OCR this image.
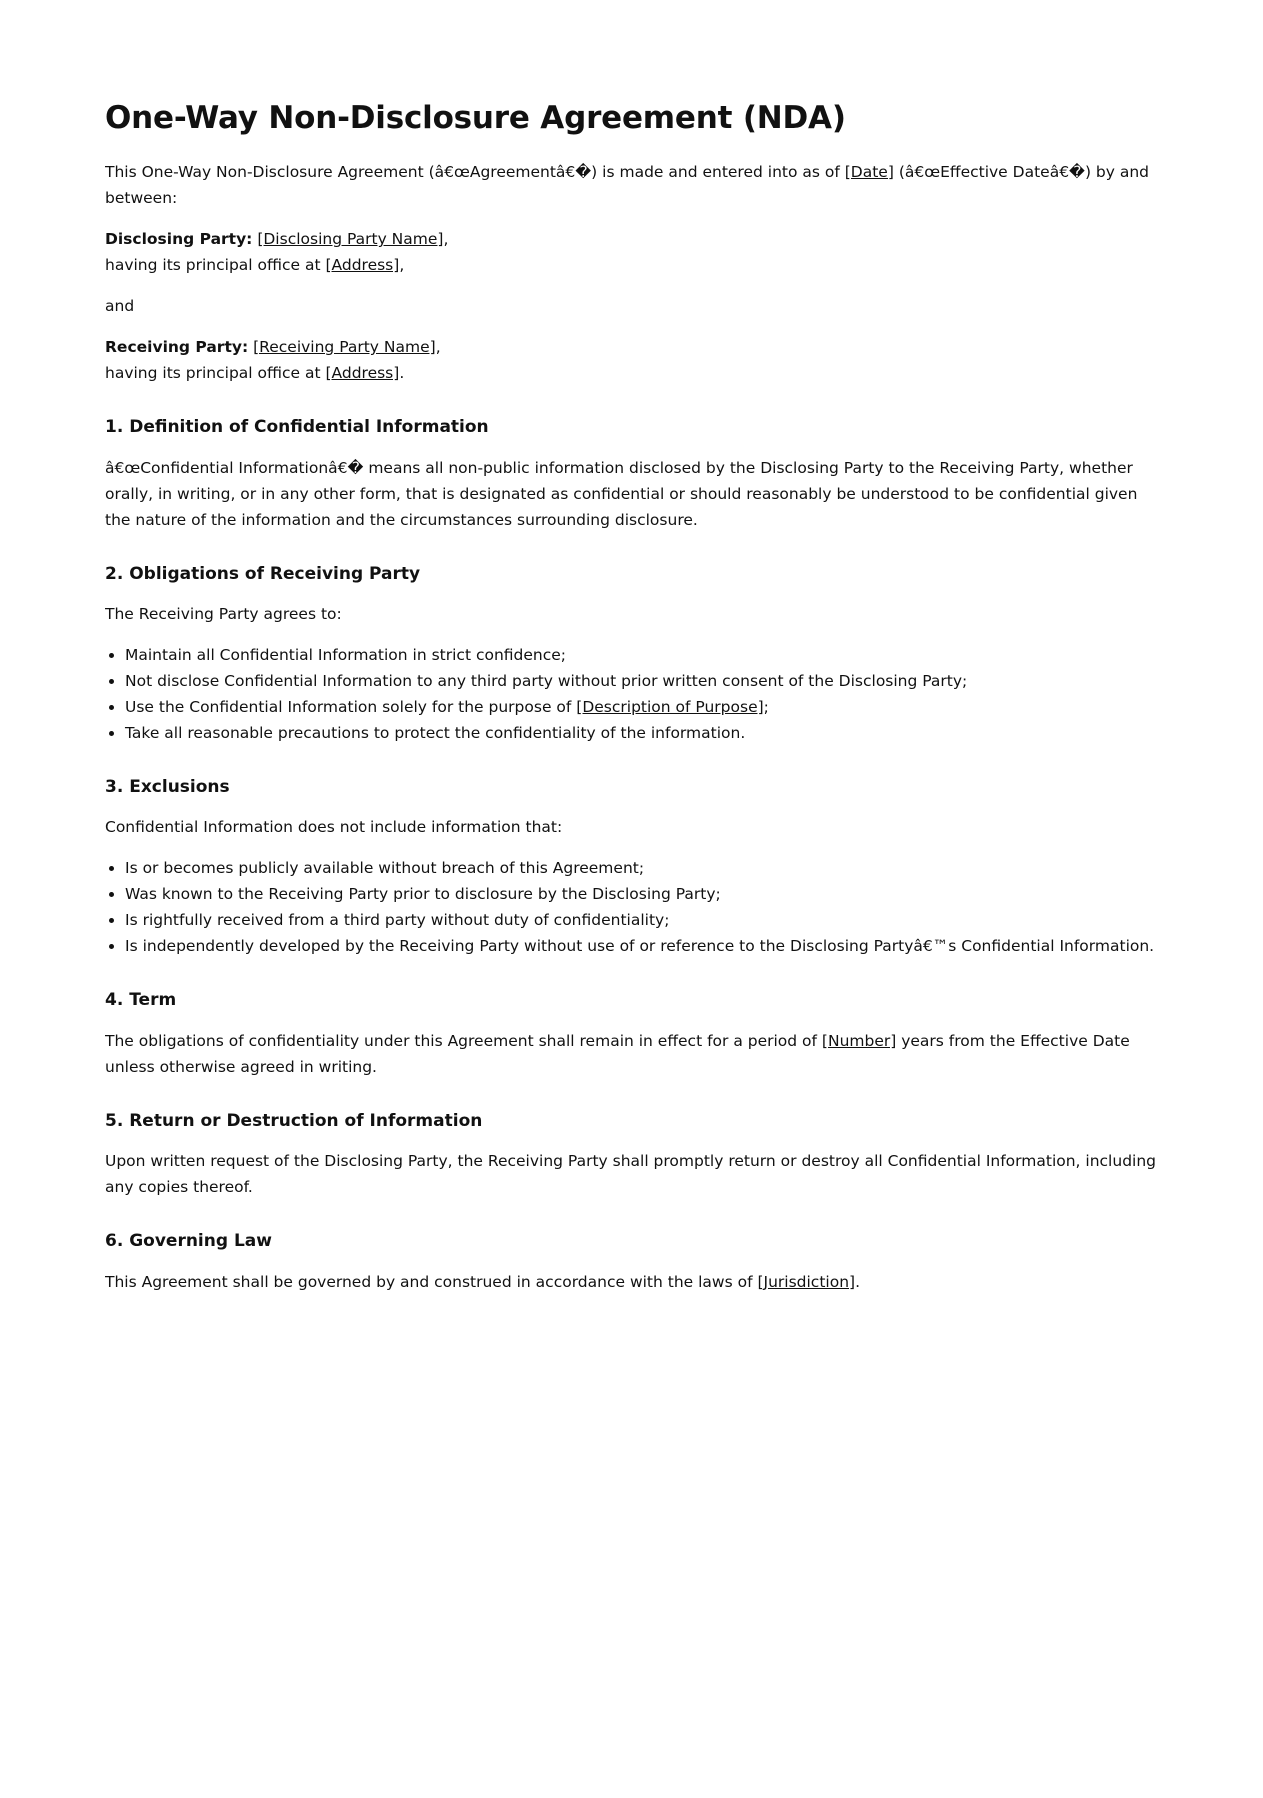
One-Way Non-Disclosure Agreement (NDA)

This One-Way Non-Disclosure Agreement (â€œAgreementâ€�) is made and entered into as of [Date] (â€œEffective Dateâ€�) by and between:

Disclosing Party: [Disclosing Party Name],
having its principal office at [Address],

and

Receiving Party: [Receiving Party Name],
having its principal office at [Address].

1. Definition of Confidential Information

â€œConfidential Informationâ€� means all non-public information disclosed by the Disclosing Party to the Receiving Party, whether orally, in writing, or in any other form, that is designated as confidential or should reasonably be understood to be confidential given the nature of the information and the circumstances surrounding disclosure.

2. Obligations of Receiving Party

The Receiving Party agrees to:

• Maintain all Confidential Information in strict confidence;
• Not disclose Confidential Information to any third party without prior written consent of the Disclosing Party;
• Use the Confidential Information solely for the purpose of [Description of Purpose];
• Take all reasonable precautions to protect the confidentiality of the information.
3. Exclusions

Confidential Information does not include information that:

• Is or becomes publicly available without breach of this Agreement;
• Was known to the Receiving Party prior to disclosure by the Disclosing Party;
• Is rightfully received from a third party without duty of confidentiality;
• Is independently developed by the Receiving Party without use of or reference to the Disclosing Partyâ€™s Confidential Information.
4. Term

The obligations of confidentiality under this Agreement shall remain in effect for a period of [Number] years from the Effective Date unless otherwise agreed in writing.

5. Return or Destruction of Information

Upon written request of the Disclosing Party, the Receiving Party shall promptly return or destroy all Confidential Information, including any copies thereof.

6. Governing Law

This Agreement shall be governed by and construed in accordance with the laws of [Jurisdiction].
